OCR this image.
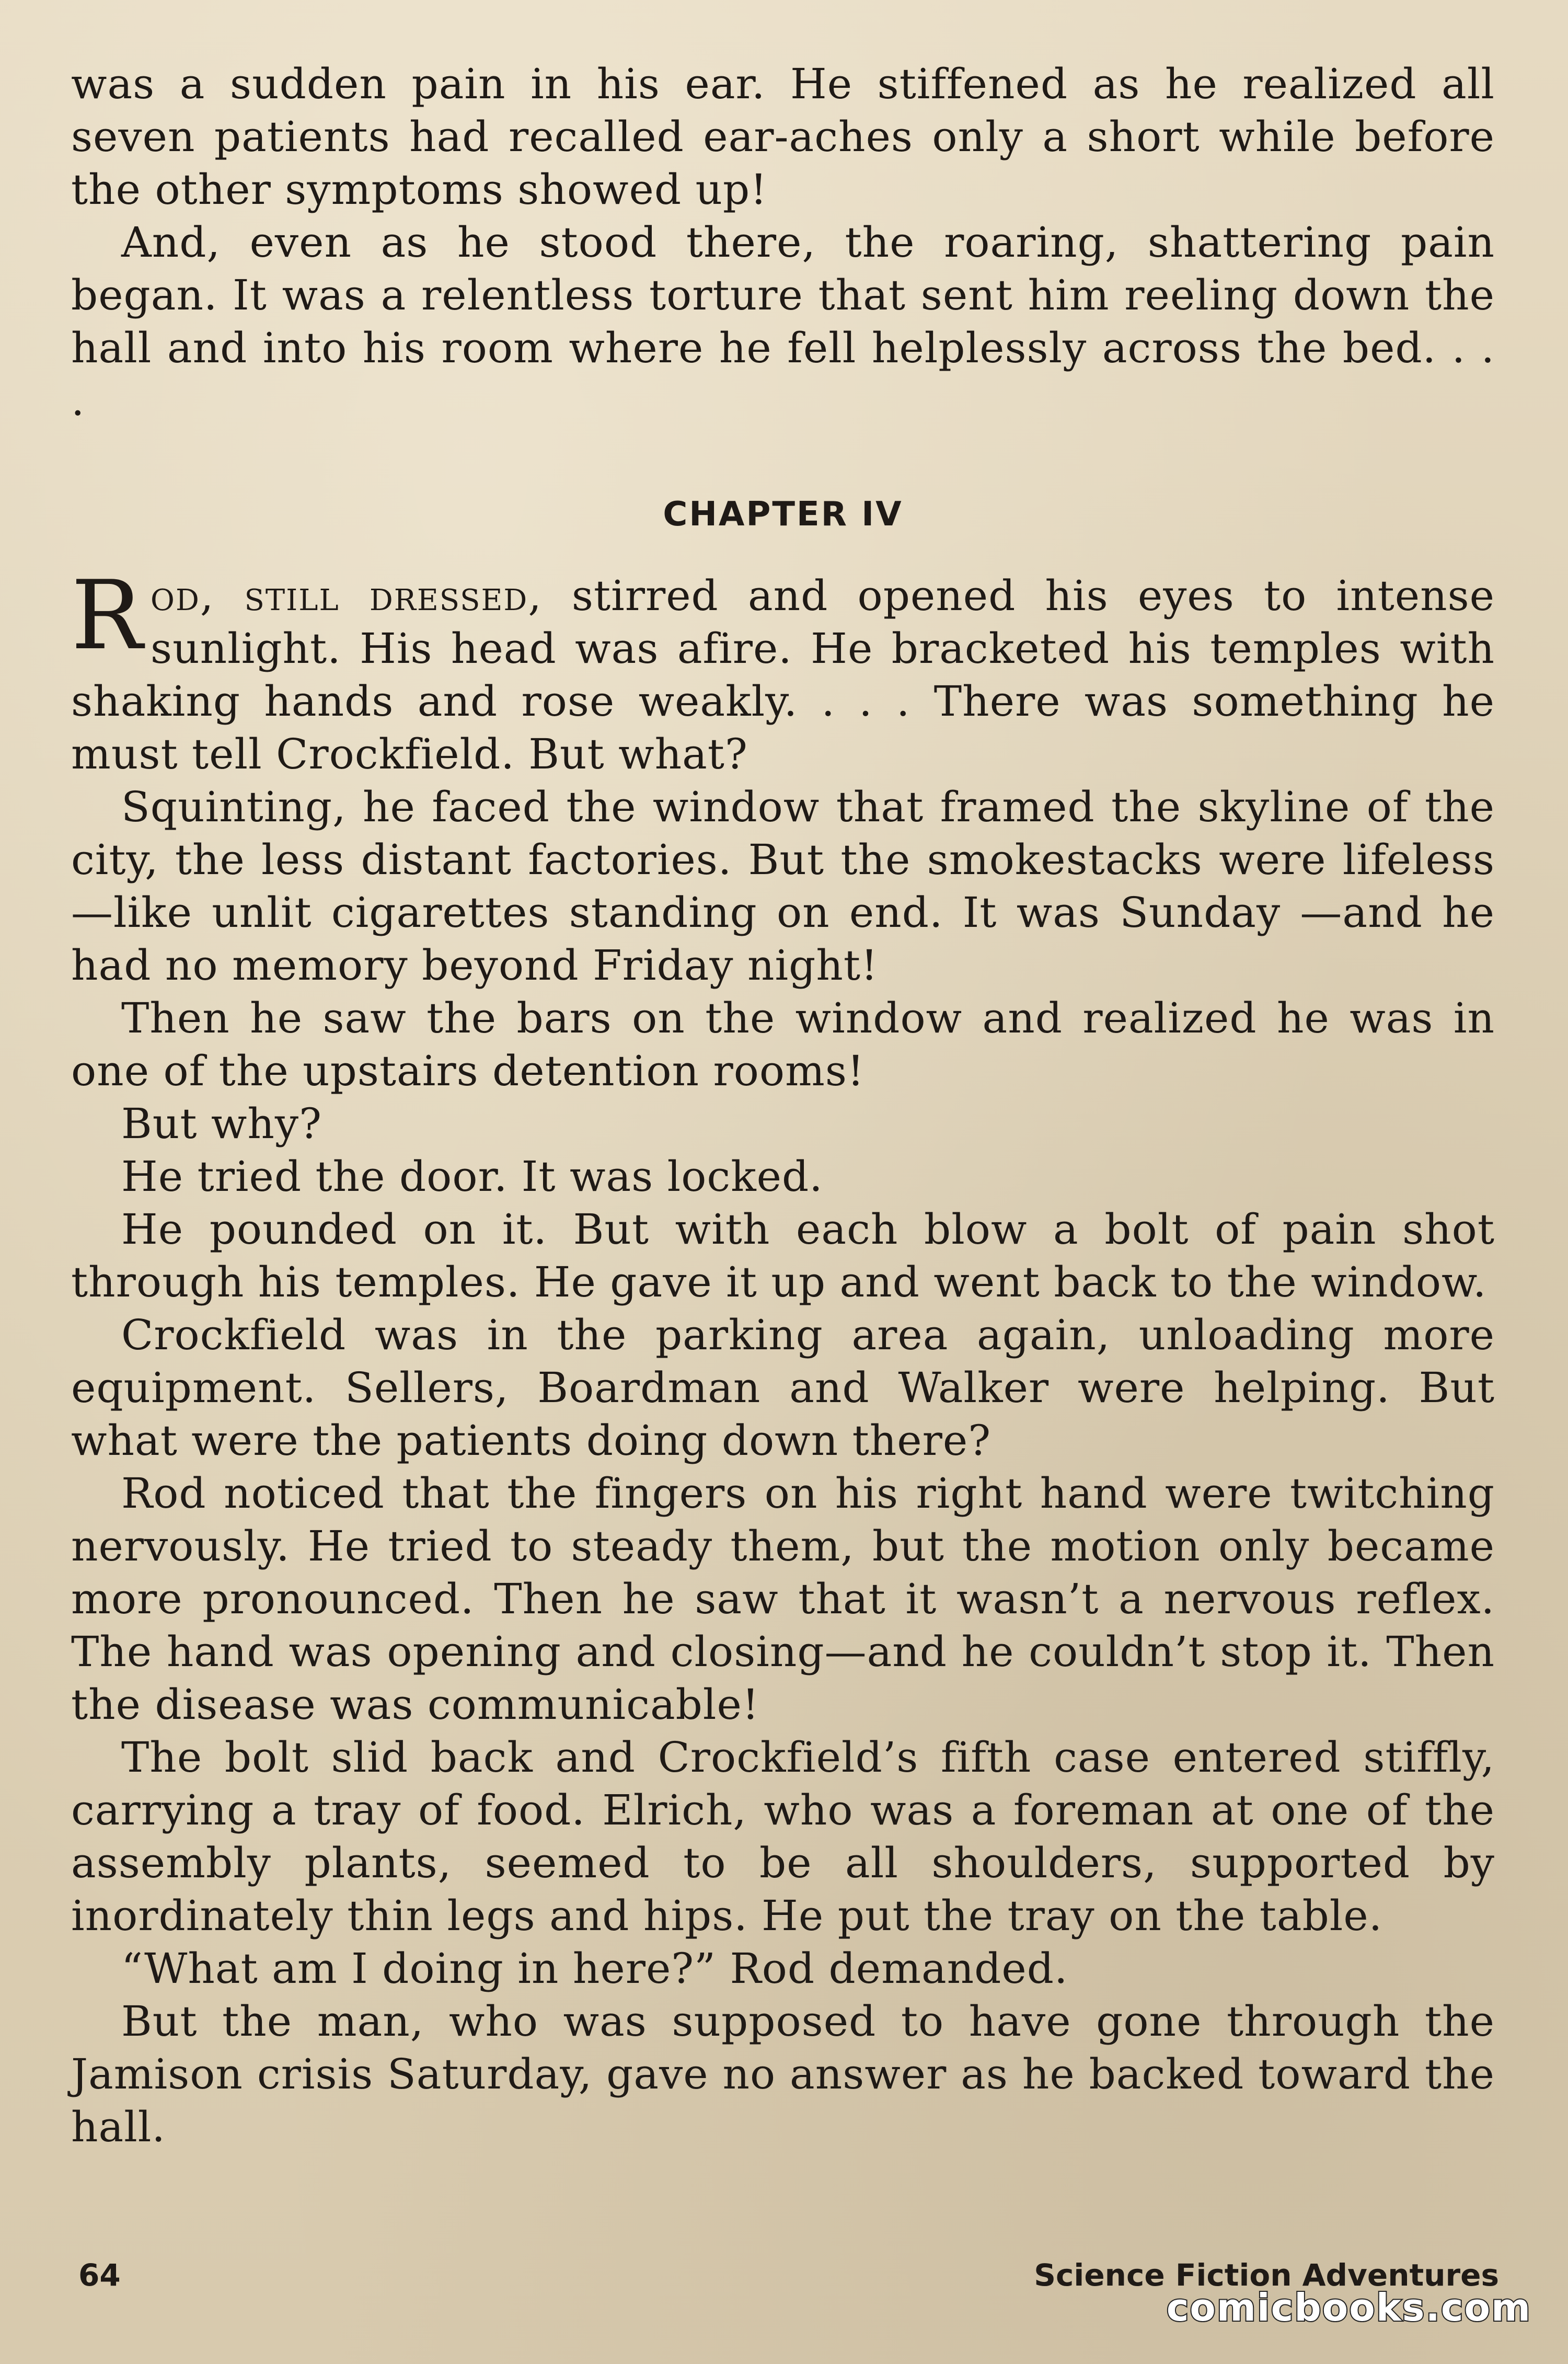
was a sudden pain in his ear. He stiffened as he realized all seven patients had recalled ear-aches only a short while before the other symptoms showed up!

And, even as he stood there, the roaring, shattering pain began. It was a relentless torture that sent him reeling down the hall and into his room where he fell helplessly across the bed. . . .

CHAPTER IV

Rod, still dressed, stirred and opened his eyes to intense sunlight. His head was afire. He bracketed his temples with shaking hands and rose weakly. . . . There was something he must tell Crockfield. But what?

Squinting, he faced the window that framed the skyline of the city, the less distant factories. But the smokestacks were lifeless—like unlit cigarettes standing on end. It was Sunday —and he had no memory beyond Friday night!

Then he saw the bars on the window and realized he was in one of the upstairs detention rooms!

But why?

He tried the door. It was locked.

He pounded on it. But with each blow a bolt of pain shot through his temples. He gave it up and went back to the window.

Crockfield was in the parking area again, unloading more equipment. Sellers, Boardman and Walker were helping. But what were the patients doing down there?

Rod noticed that the fingers on his right hand were twitching nervously. He tried to steady them, but the motion only became more pronounced. Then he saw that it wasn’t a nervous reflex. The hand was opening and closing—and he couldn’t stop it. Then the disease was communicable!

The bolt slid back and Crockfield’s fifth case entered stiffly, carrying a tray of food. Elrich, who was a foreman at one of the assembly plants, seemed to be all shoulders, supported by inordinately thin legs and hips. He put the tray on the table.

“What am I doing in here?” Rod demanded.

But the man, who was supposed to have gone through the Jamison crisis Saturday, gave no answer as he backed toward the hall.

64	Science Fiction Adventures
comicbooks.com
